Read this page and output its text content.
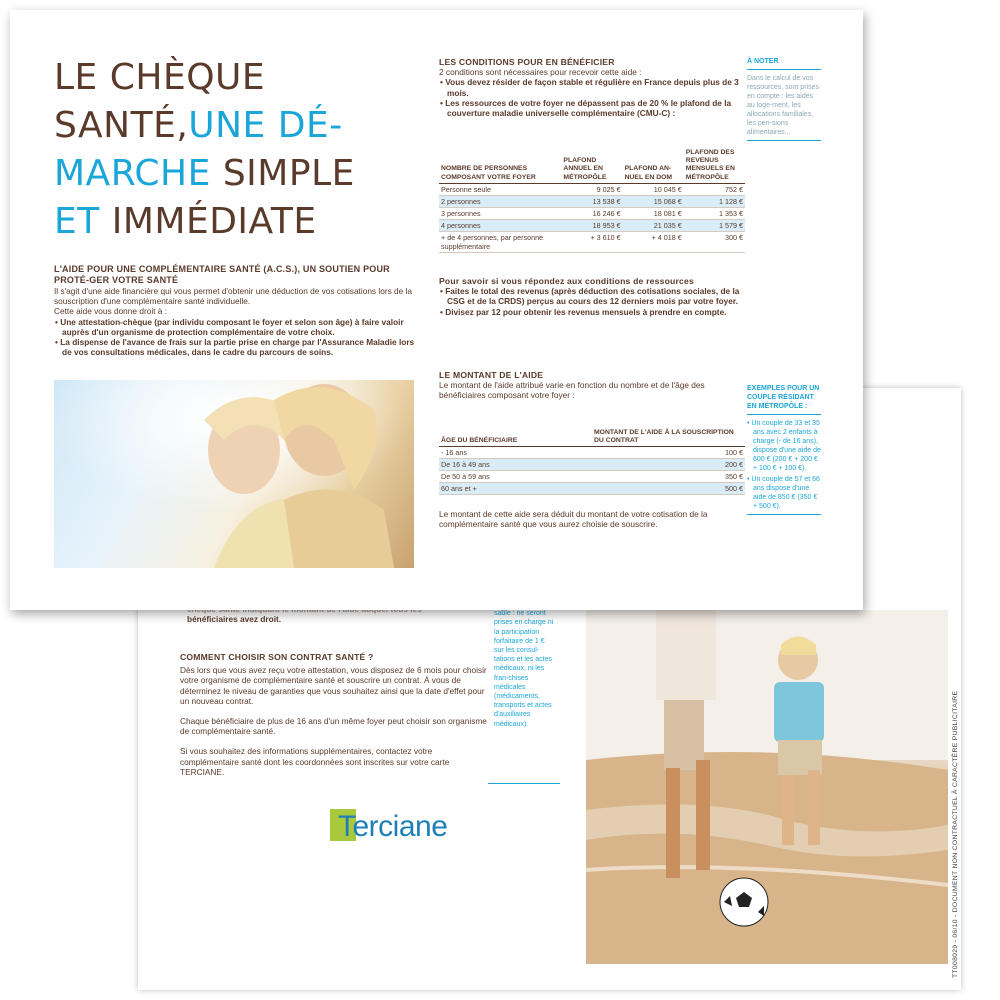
bénéficiaires avez droit.
COMMENT CHOISIR SON CONTRAT SANTÉ ?

Dès lors que vous avez reçu votre attestation, vous disposez de 6 mois pour choisir votre organisme de complémentaire santé et souscrire un contrat. À vous de déterminez le niveau de garanties que vous souhaitez ainsi que la date d'effet pour un nouveau contrat.

Chaque bénéficiaire de plus de 16 ans d'un même foyer peut choisir son organisme de complémentaire santé.

Si vous souhaitez des informations supplémentaires, contactez votre complémentaire santé dont les coordonnées sont inscrites sur votre carte TERCIANE.

sable : ne seront prises en charge ni la participation forfaitaire de 1 € sur les consul-tations et les actes médicaux, ni les fran-chises médicales (médicaments, transports et actes d'auxiliaires médicaux).
Terciane	TT008029 - 06/10 - DOCUMENT NON CONTRACTUEL À CARACTÈRE PUBLICITAIRE
LE CHÈQUE
SANTÉ,UNE DÉ-
MARCHE SIMPLE
ET IMMÉDIATE
L'AIDE POUR UNE COMPLÉMENTAIRE SANTÉ (A.C.S.), UN SOUTIEN POUR PROTÉ-GER VOTRE SANTÉ
Il s'agit d'une aide financière qui vous permet d'obtenir une déduction de vos cotisations lors de la souscription d'une complémentaire santé individuelle.
Cette aide vous donne droit à :
• Une attestation-chèque (par individu composant le foyer et selon son âge) à faire valoir auprès d'un organisme de protection complémentaire de votre choix.
• La dispense de l'avance de frais sur la partie prise en charge par l'Assurance Maladie lors de vos consultations médicales, dans le cadre du parcours de soins.
LES CONDITIONS POUR EN BÉNÉFICIER
2 conditions sont nécessaires pour recevoir cette aide :
• Vous devez résider de façon stable et régulière en France depuis plus de 3 mois.
• Les ressources de votre foyer ne dépassent pas de 20 % le plafond de la couverture maladie universelle complémentaire (CMU-C) :
NOMBRE DE PERSONNES COMPOSANT VOTRE FOYER	PLAFOND ANNUEL EN MÉTROPÔLE	PLAFOND AN-NUEL EN DOM	PLAFOND DES REVENUS MENSUELS EN MÉTROPÔLE
Personne seule	9 025 €	10 045 €	752 €
2 personnes	13 538 €	15 068 €	1 128 €
3 personnes	16 246 €	18 081 €	1 353 €
4 personnes	18 953 €	21 035 €	1 579 €
+ de 4 personnes, par personne supplémentaire	+ 3 610 €	+ 4 018 €	300 €
Pour savoir si vous répondez aux conditions de ressources
• Faites le total des revenus (après déduction des cotisations sociales, de la CSG et de la CRDS) perçus au cours des 12 derniers mois par votre foyer.
• Divisez par 12 pour obtenir les revenus mensuels à prendre en compte.
LE MONTANT DE L'AIDE
Le montant de l'aide attribué varie en fonction du nombre et de l'âge des bénéficiaires composant votre foyer :
ÂGE DU BÉNÉFICIAIRE	MONTANT DE L'AIDE À LA SOUSCRIPTION DU CONTRAT
- 16 ans	100 €
De 16 à 49 ans	200 €
De 50 à 59 ans	350 €
60 ans et +	500 €
Le montant de cette aide sera déduit du montant de votre cotisation de la complémentaire santé que vous aurez choisie de souscrire.
À NOTER
Dans le calcul de vos ressources, sont prises en compte : les aides au loge-ment, les allocations familiales, les pen-sions alimentaires...
EXEMPLES POUR UN COUPLE RÉSIDANT EN MÉTROPÔLE :
• Un couple de 33 et 35 ans avec 2 enfants à charge (- de 16 ans), dispose d'une aide de 600 € (200 € + 200 € + 100 € + 100 €).
• Un couple de 57 et 66 ans dispose d'une aide de 850 € (350 €+ 500 €).
